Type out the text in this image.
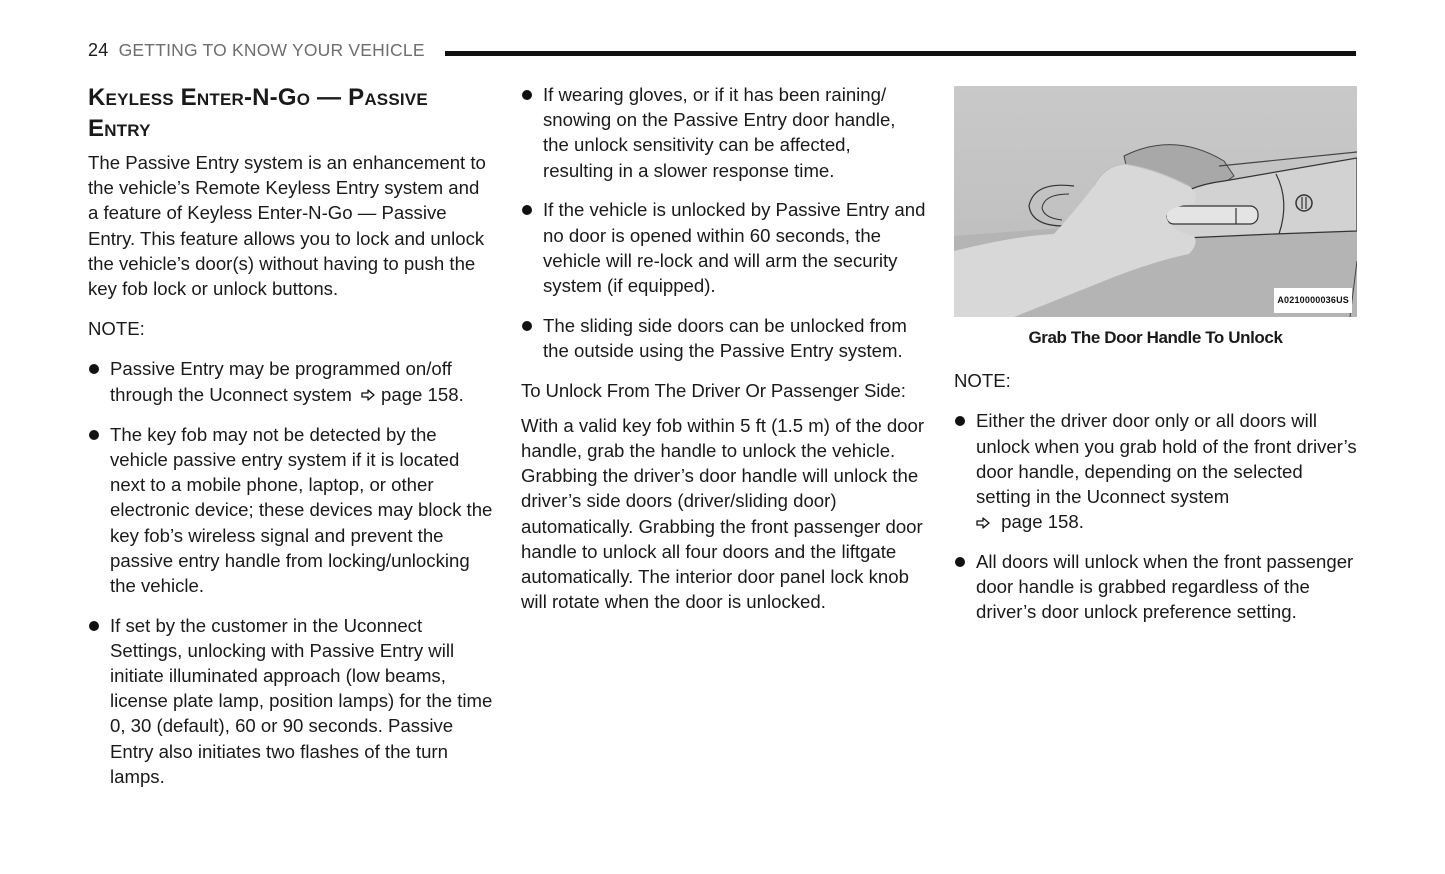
24 GETTING TO KNOW YOUR VEHICLE
Keyless Enter-N-Go — Passive
Entry

The Passive Entry system is an enhancement to the vehicle’s Remote Keyless Entry system and a feature of Keyless Enter-N-Go — Passive Entry. This feature allows you to lock and unlock the vehicle’s door(s) without having to push the key fob lock or unlock buttons.

NOTE:
Passive Entry may be programmed on/off through the Uconnect system page 158.
The key fob may not be detected by the vehicle passive entry system if it is located next to a mobile phone, laptop, or other electronic device; these devices may block the key fob’s wireless signal and prevent the passive entry handle from locking/unlocking the vehicle.
If set by the customer in the Uconnect Settings, unlocking with Passive Entry will initiate illuminated approach (low beams, license plate lamp, position lamps) for the time 0, 30 (default), 60 or 90 seconds. Passive Entry also initiates two flashes of the turn lamps.
If wearing gloves, or if it has been raining/ snowing on the Passive Entry door handle, the unlock sensitivity can be affected, resulting in a slower response time.
If the vehicle is unlocked by Passive Entry and no door is opened within 60 seconds, the vehicle will re-lock and will arm the security system (if equipped).
The sliding side doors can be unlocked from the outside using the Passive Entry system.
To Unlock From The Driver Or Passenger Side:

With a valid key fob within 5 ft (1.5 m) of the door handle, grab the handle to unlock the vehicle. Grabbing the driver’s door handle will unlock the driver’s side doors (driver/sliding door) automatically. Grabbing the front passenger door handle to unlock all four doors and the liftgate automatically. The interior door panel lock knob will rotate when the door is unlocked.

A0210000036US
Grab The Door Handle To Unlock
NOTE:
Either the driver door only or all doors will unlock when you grab hold of the front driver’s door handle, depending on the selected setting in the Uconnect system
page 158.
All doors will unlock when the front passenger door handle is grabbed regardless of the driver’s door unlock preference setting.
